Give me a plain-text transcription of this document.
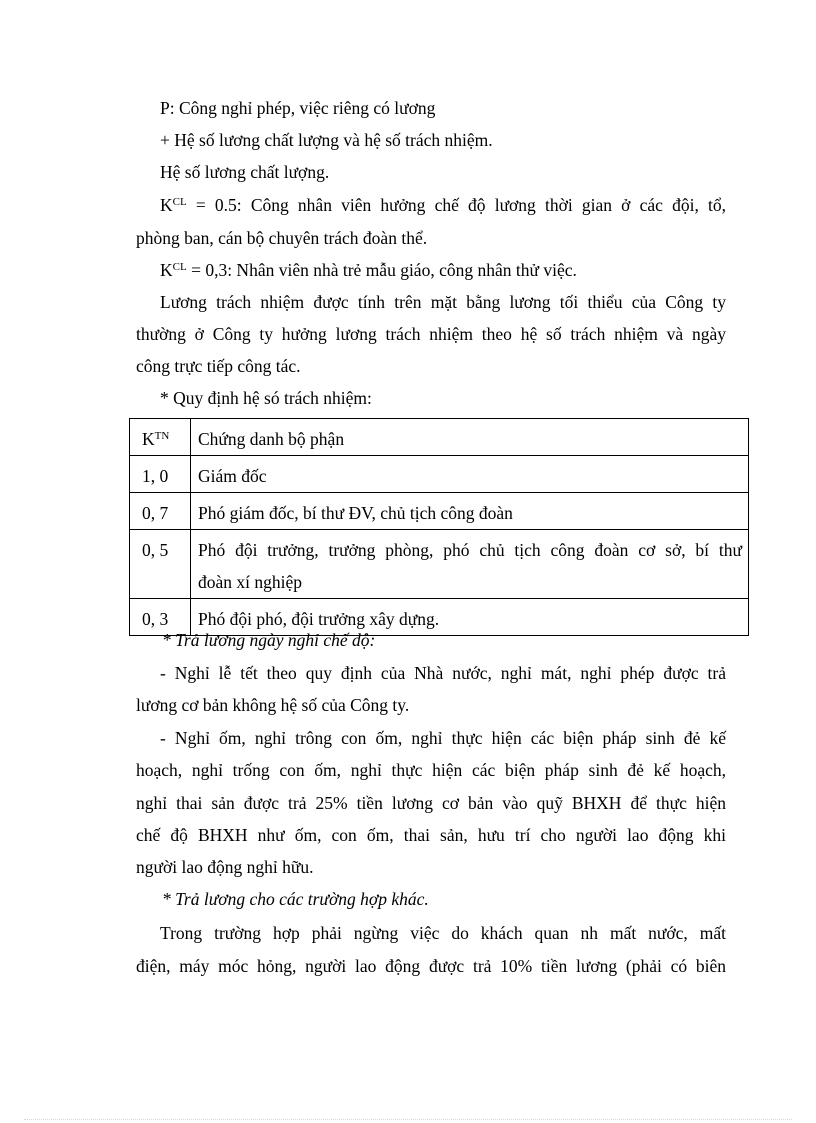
P: Công nghỉ phép, việc riêng có lương
+ Hệ số lương chất lượng và hệ số trách nhiệm.
Hệ số lương chất lượng.
$K^{CL} = 0.5$: Công nhân viên hưởng chế độ lương thời gian ở các đội, tổ,
phòng ban, cán bộ chuyên trách đoàn thể.
$K^{CL} = 0,3$: Nhân viên nhà trẻ mẫu giáo, công nhân thử việc.
Lương trách nhiệm được tính trên mặt bằng lương tối thiểu của Công ty
thường ở Công ty hưởng lương trách nhiệm theo hệ số trách nhiệm và ngày
công trực tiếp công tác.
* Quy định hệ só trách nhiệm:
$K^{TN}$	Chứng danh bộ phận
1, 0	Giám đốc
0, 7	Phó giám đốc, bí thư ĐV, chủ tịch công đoàn
0, 5	Phó đội trưởng, trưởng phòng, phó chủ tịch công đoàn cơ sở, bí thư
đoàn xí nghiệp

0, 3	Phó đội phó, đội trưởng xây dựng.
* Trả lương ngày nghỉ chế độ:
- Nghỉ lễ tết theo quy định của Nhà nước, nghỉ mát, nghỉ phép được trả
lương cơ bản không hệ số của Công ty.
- Nghỉ ốm, nghỉ trông con ốm, nghỉ thực hiện các biện pháp sinh đẻ kế
hoạch, nghỉ trống con ốm, nghỉ thực hiện các biện pháp sinh đẻ kế hoạch,
nghỉ thai sản được trả 25% tiền lương cơ bản vào quỹ BHXH để thực hiện
chế độ BHXH như ốm, con ốm, thai sản, hưu trí cho người lao động khi
người lao động nghỉ hữu.
* Trả lương cho các trường hợp khác.
Trong trường hợp phải ngừng việc do khách quan nh mất nước, mất
điện, máy móc hỏng, người lao động được trả 10% tiền lương (phải có biên
